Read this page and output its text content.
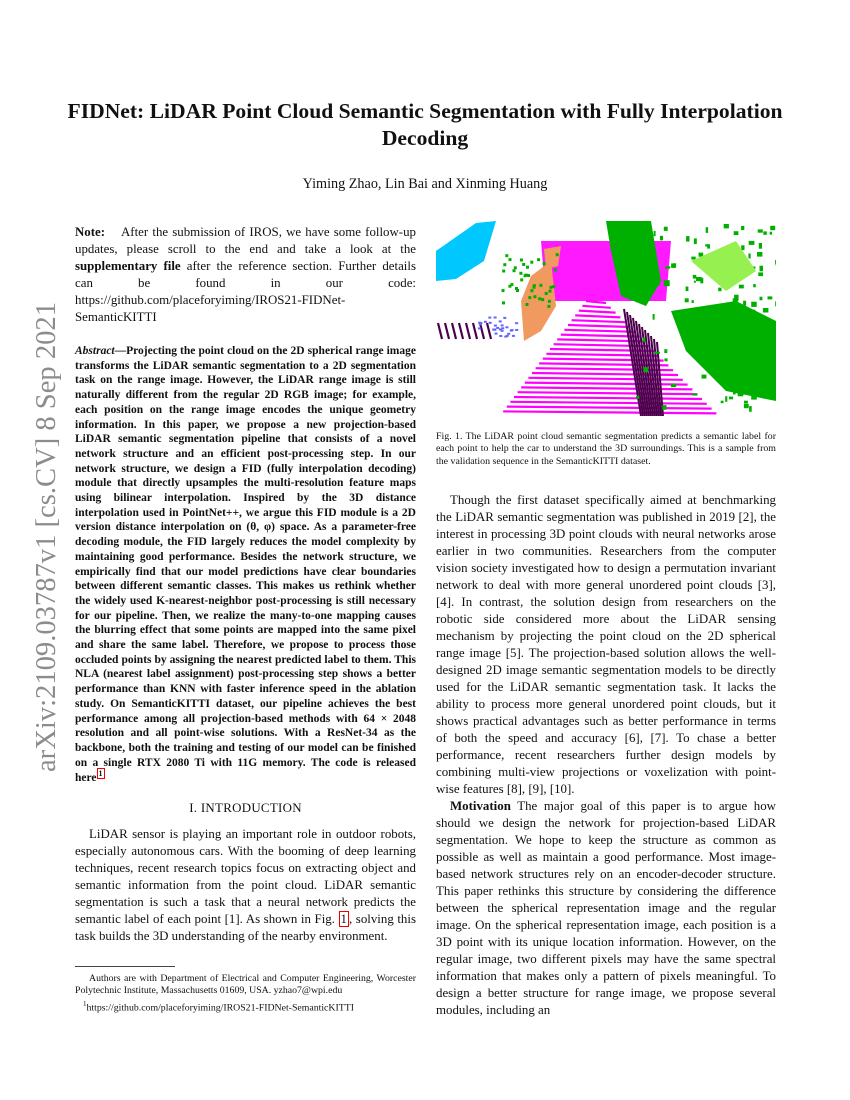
FIDNet: LiDAR Point Cloud Semantic Segmentation with Fully Interpolation Decoding

Yiming Zhao, Lin Bai and Xinming Huang

arXiv:2109.03787v1 [cs.CV] 8 Sep 2021

Note: After the submission of IROS, we have some follow-up updates, please scroll to the end and take a look at the supplementary file after the reference section. Further details can be found in our code: https://github.com/placeforyiming/IROS21-FIDNet-SemanticKITTI

Abstract—Projecting the point cloud on the 2D spherical range image transforms the LiDAR semantic segmentation to a 2D segmentation task on the range image. However, the LiDAR range image is still naturally different from the regular 2D RGB image; for example, each position on the range image encodes the unique geometry information. In this paper, we propose a new projection-based LiDAR semantic segmentation pipeline that consists of a novel network structure and an efficient post-processing step. In our network structure, we design a FID (fully interpolation decoding) module that directly upsamples the multi-resolution feature maps using bilinear interpolation. Inspired by the 3D distance interpolation used in PointNet++, we argue this FID module is a 2D version distance interpolation on (θ, φ) space. As a parameter-free decoding module, the FID largely reduces the model complexity by maintaining good performance. Besides the network structure, we empirically find that our model predictions have clear boundaries between different semantic classes. This makes us rethink whether the widely used K-nearest-neighbor post-processing is still necessary for our pipeline. Then, we realize the many-to-one mapping causes the blurring effect that some points are mapped into the same pixel and share the same label. Therefore, we propose to process those occluded points by assigning the nearest predicted label to them. This NLA (nearest label assignment) post-processing step shows a better performance than KNN with faster inference speed in the ablation study. On SemanticKITTI dataset, our pipeline achieves the best performance among all projection-based methods with 64 × 2048 resolution and all point-wise solutions. With a ResNet-34 as the backbone, both the training and testing of our model can be finished on a single RTX 2080 Ti with 11G memory. The code is released here $^1$

I. INTRODUCTION

LiDAR sensor is playing an important role in outdoor robots, especially autonomous cars. With the booming of deep learning techniques, recent research topics focus on extracting object and semantic information from the point cloud. LiDAR semantic segmentation is such a task that a neural network predicts the semantic label of each point [1]. As shown in Fig. 1 , solving this task builds the 3D understanding of the nearby environment.

Authors are with Department of Electrical and Computer Engineering, Worcester Polytechnic Institute, Massachusetts 01609, USA. yzhao7@wpi.edu

$^1$https://github.com/placeforyiming/IROS21-FIDNet-SemanticKITTI

Fig. 1. The LiDAR point cloud semantic segmentation predicts a semantic label for each point to help the car to understand the 3D surroundings. This is a sample from the validation sequence in the SemanticKITTI dataset.

Though the first dataset specifically aimed at benchmarking the LiDAR semantic segmentation was published in 2019 [2], the interest in processing 3D point clouds with neural networks arose earlier in two communities. Researchers from the computer vision society investigated how to design a permutation invariant network to deal with more general unordered point clouds [3], [4]. In contrast, the solution design from researchers on the robotic side considered more about the LiDAR sensing mechanism by projecting the point cloud on the 2D spherical range image [5]. The projection-based solution allows the well-designed 2D image semantic segmentation models to be directly used for the LiDAR semantic segmentation task. It lacks the ability to process more general unordered point clouds, but it shows practical advantages such as better performance in terms of both the speed and accuracy [6], [7]. To chase a better performance, recent researchers further design models by combining multi-view projections or voxelization with point-wise features [8], [9], [10].

Motivation The major goal of this paper is to argue how should we design the network for projection-based LiDAR segmentation. We hope to keep the structure as common as possible as well as maintain a good performance. Most image-based network structures rely on an encoder-decoder structure. This paper rethinks this structure by considering the difference between the spherical representation image and the regular image. On the spherical representation image, each position is a 3D point with its unique location information. However, on the regular image, two different pixels may have the same spectral information that makes only a pattern of pixels meaningful. To design a better structure for range image, we propose several modules, including an
